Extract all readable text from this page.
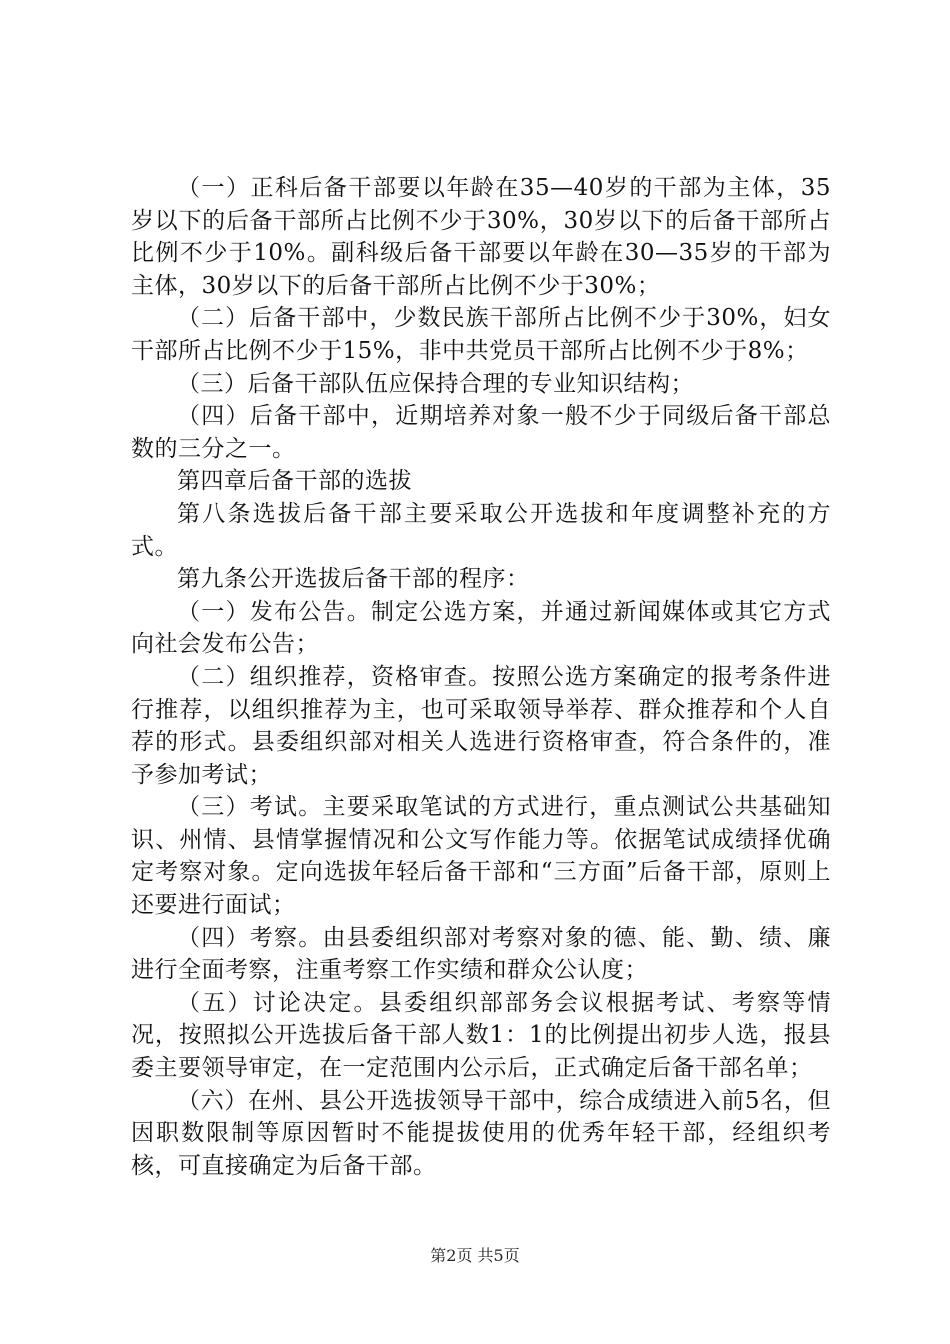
（一）正科后备干部要以年龄在35—40岁的干部为主体，35岁以下的后备干部所占比例不少于30%，30岁以下的后备干部所占比例不少于10%。副科级后备干部要以年龄在30—35岁的干部为主体，30岁以下的后备干部所占比例不少于30%；

（二）后备干部中，少数民族干部所占比例不少于30%，妇女干部所占比例不少于15%，非中共党员干部所占比例不少于8%；

（三）后备干部队伍应保持合理的专业知识结构；

（四）后备干部中，近期培养对象一般不少于同级后备干部总数的三分之一。

第四章后备干部的选拔

第八条选拔后备干部主要采取公开选拔和年度调整补充的方式。

第九条公开选拔后备干部的程序：

（一）发布公告。制定公选方案，并通过新闻媒体或其它方式向社会发布公告；

（二）组织推荐，资格审查。按照公选方案确定的报考条件进行推荐，以组织推荐为主，也可采取领导举荐、群众推荐和个人自荐的形式。县委组织部对相关人选进行资格审查，符合条件的，准予参加考试；

（三）考试。主要采取笔试的方式进行，重点测试公共基础知识、州情、县情掌握情况和公文写作能力等。依据笔试成绩择优确定考察对象。定向选拔年轻后备干部和“三方面”后备干部，原则上还要进行面试；

（四）考察。由县委组织部对考察对象的德、能、勤、绩、廉进行全面考察，注重考察工作实绩和群众公认度；

（五）讨论决定。县委组织部部务会议根据考试、考察等情况，按照拟公开选拔后备干部人数1：1的比例提出初步人选，报县委主要领导审定，在一定范围内公示后，正式确定后备干部名单；

（六）在州、县公开选拔领导干部中，综合成绩进入前5名，但因职数限制等原因暂时不能提拔使用的优秀年轻干部，经组织考核，可直接确定为后备干部。

第2页 共5页
